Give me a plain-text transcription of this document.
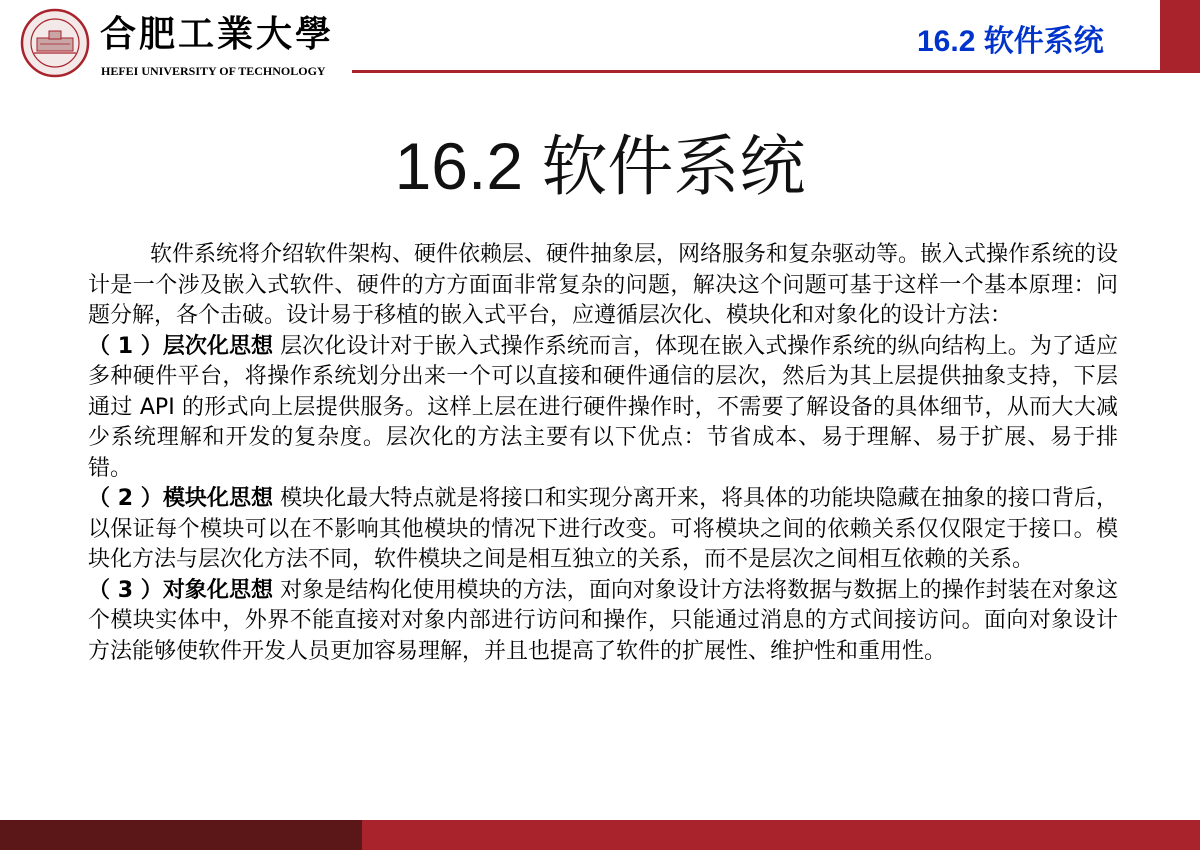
合肥工業大學
HEFEI UNIVERSITY OF TECHNOLOGY
16.2 软件系统
16.2 软件系统

软件系统将介绍软件架构、硬件依赖层、硬件抽象层，网络服务和复杂驱动等。嵌入式操作系统的设计是一个涉及嵌入式软件、硬件的方方面面非常复杂的问题，解决这个问题可基于这样一个基本原理：问题分解，各个击破。设计易于移植的嵌入式平台，应遵循层次化、模块化和对象化的设计方法：

（ 1 ）层次化思想 层次化设计对于嵌入式操作系统而言，体现在嵌入式操作系统的纵向结构上。为了适应多种硬件平台，将操作系统划分出来一个可以直接和硬件通信的层次，然后为其上层提供抽象支持，下层通过 API 的形式向上层提供服务。这样上层在进行硬件操作时，不需要了解设备的具体细节，从而大大减少系统理解和开发的复杂度。层次化的方法主要有以下优点：节省成本、易于理解、易于扩展、易于排错。

（ 2 ）模块化思想 模块化最大特点就是将接口和实现分离开来，将具体的功能块隐藏在抽象的接口背后，以保证每个模块可以在不影响其他模块的情况下进行改变。可将模块之间的依赖关系仅仅限定于接口。模块化方法与层次化方法不同，软件模块之间是相互独立的关系，而不是层次之间相互依赖的关系。

（ 3 ）对象化思想 对象是结构化使用模块的方法，面向对象设计方法将数据与数据上的操作封装在对象这个模块实体中，外界不能直接对对象内部进行访问和操作，只能通过消息的方式间接访问。面向对象设计方法能够使软件开发人员更加容易理解，并且也提高了软件的扩展性、维护性和重用性。
